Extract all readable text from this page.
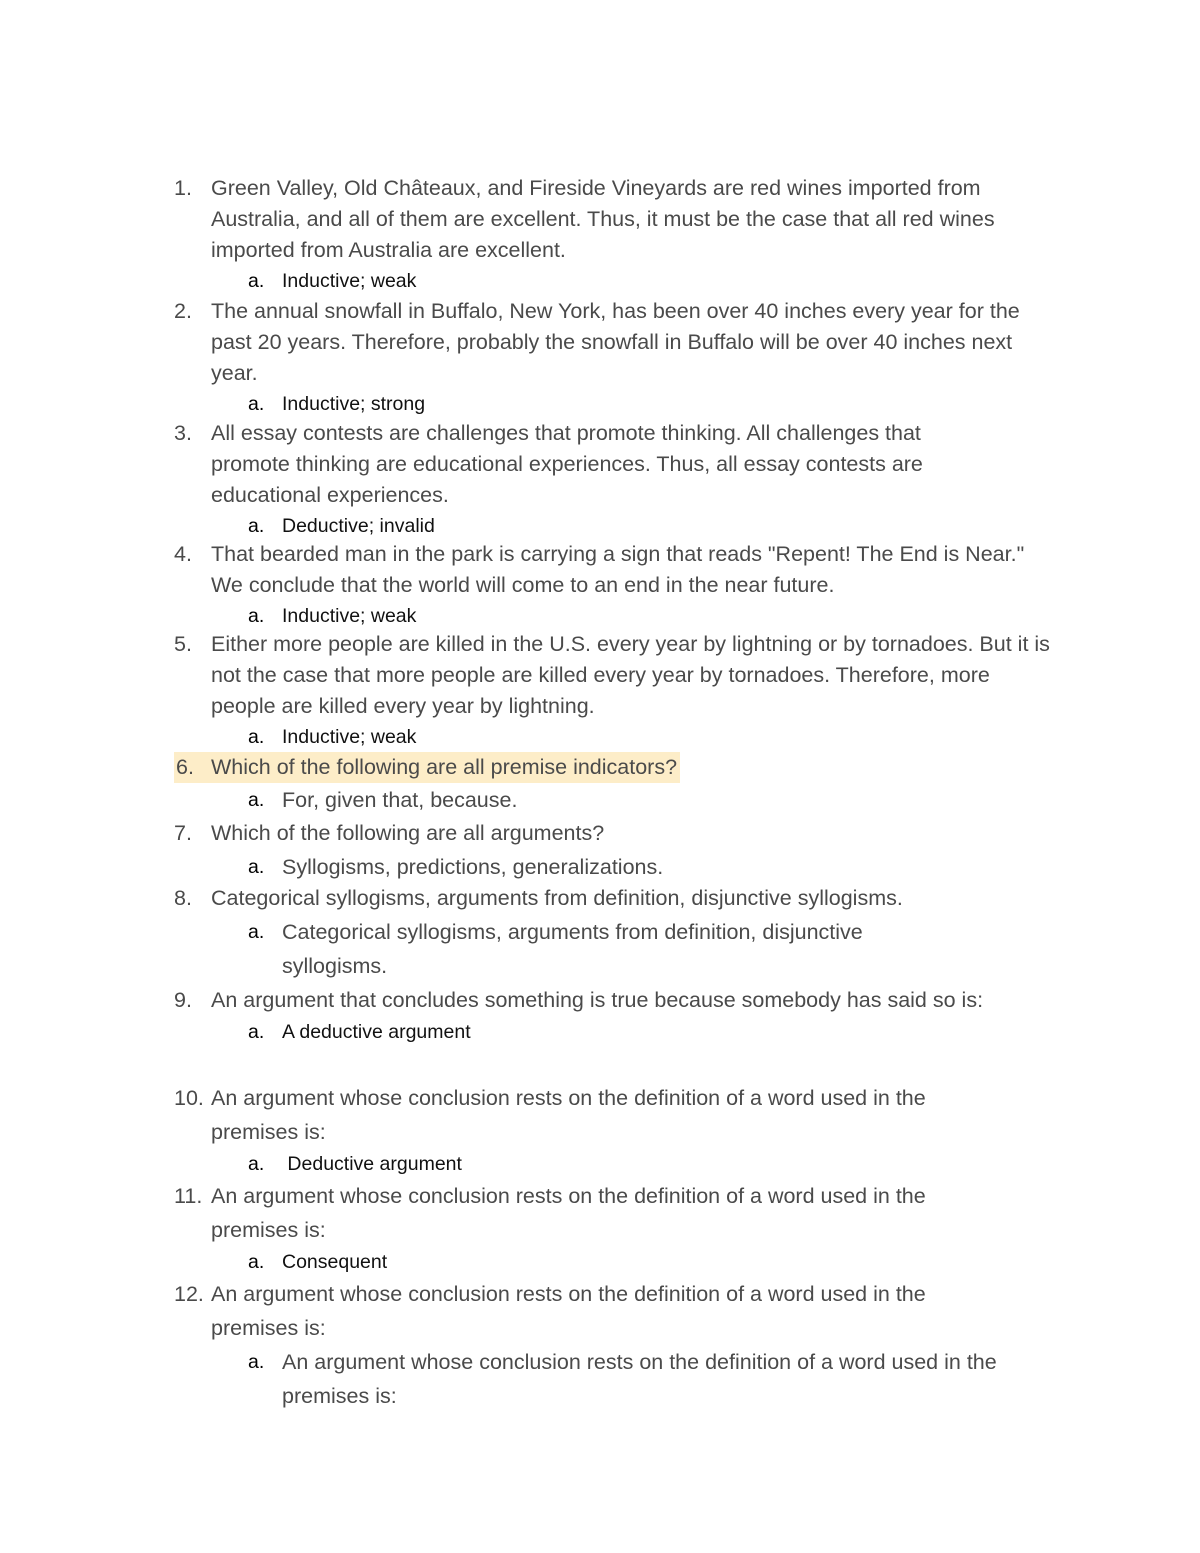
1. Green Valley, Old Châteaux, and Fireside Vineyards are red wines imported from Australia, and all of them are excellent. Thus, it must be the case that all red wines imported from Australia are excellent.
a. Inductive; weak
2. The annual snowfall in Buffalo, New York, has been over 40 inches every year for the past 20 years. Therefore, probably the snowfall in Buffalo will be over 40 inches next year.
a. Inductive; strong
3. All essay contests are challenges that promote thinking. All challenges that promote thinking are educational experiences. Thus, all essay contests are educational experiences.
a. Deductive; invalid
4. That bearded man in the park is carrying a sign that reads "Repent! The End is Near." We conclude that the world will come to an end in the near future.
a. Inductive; weak
5. Either more people are killed in the U.S. every year by lightning or by tornadoes. But it is not the case that more people are killed every year by tornadoes. Therefore, more people are killed every year by lightning.
a. Inductive; weak
6. Which of the following are all premise indicators?
a. For, given that, because.
7. Which of the following are all arguments?
a. Syllogisms, predictions, generalizations.
8. Categorical syllogisms, arguments from definition, disjunctive syllogisms.
a. Categorical syllogisms, arguments from definition, disjunctive syllogisms.
9. An argument that concludes something is true because somebody has said so is:
a. A deductive argument
10. An argument whose conclusion rests on the definition of a word used in the premises is:
a. Deductive argument
11. An argument whose conclusion rests on the definition of a word used in the premises is:
a. Consequent
12. An argument whose conclusion rests on the definition of a word used in the premises is:
a. An argument whose conclusion rests on the definition of a word used in the premises is:
